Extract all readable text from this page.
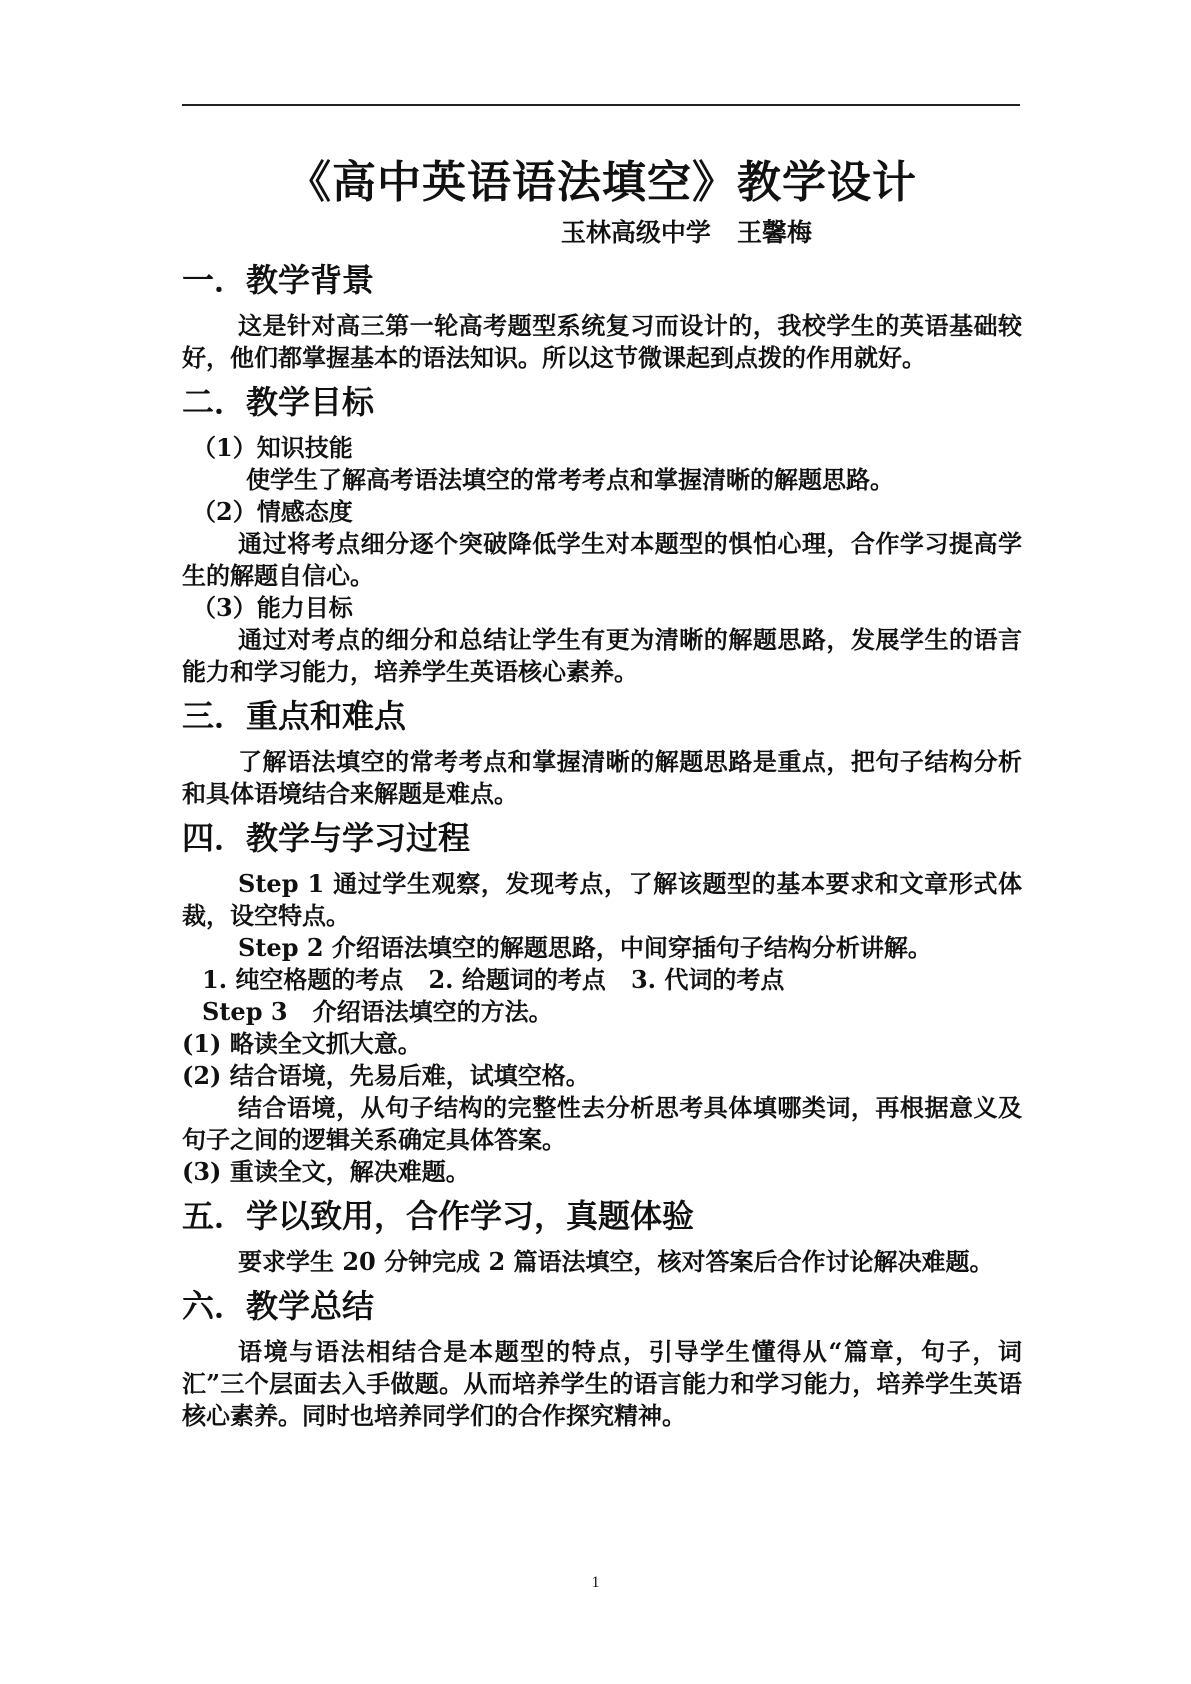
《高中英语语法填空》教学设计
玉林高级中学   王馨梅
一．教学背景

这是针对高三第一轮高考题型系统复习而设计的，我校学生的英语基础较好，他们都掌握基本的语法知识。所以这节微课起到点拨的作用就好。

二．教学目标
（1）知识技能
使学生了解高考语法填空的常考考点和掌握清晰的解题思路。
（2）情感态度

通过将考点细分逐个突破降低学生对本题型的惧怕心理，合作学习提高学生的解题自信心。

（3）能力目标

通过对考点的细分和总结让学生有更为清晰的解题思路，发展学生的语言能力和学习能力，培养学生英语核心素养。

三．重点和难点

了解语法填空的常考考点和掌握清晰的解题思路是重点，把句子结构分析和具体语境结合来解题是难点。

四．教学与学习过程

Step 1 通过学生观察，发现考点，了解该题型的基本要求和文章形式体裁，设空特点。

Step 2 介绍语法填空的解题思路，中间穿插句子结构分析讲解。

1. 纯空格题的考点   2. 给题词的考点   3. 代词的考点
Step 3   介绍语法填空的方法。
(1) 略读全文抓大意。
(2) 结合语境，先易后难，试填空格。

结合语境，从句子结构的完整性去分析思考具体填哪类词，再根据意义及句子之间的逻辑关系确定具体答案。

(3) 重读全文，解决难题。
五．学以致用，合作学习，真题体验

要求学生 20 分钟完成 2 篇语法填空，核对答案后合作讨论解决难题。

六．教学总结

语境与语法相结合是本题型的特点，引导学生懂得从“篇章，句子，词汇”三个层面去入手做题。从而培养学生的语言能力和学习能力，培养学生英语核心素养。同时也培养同学们的合作探究精神。

1
